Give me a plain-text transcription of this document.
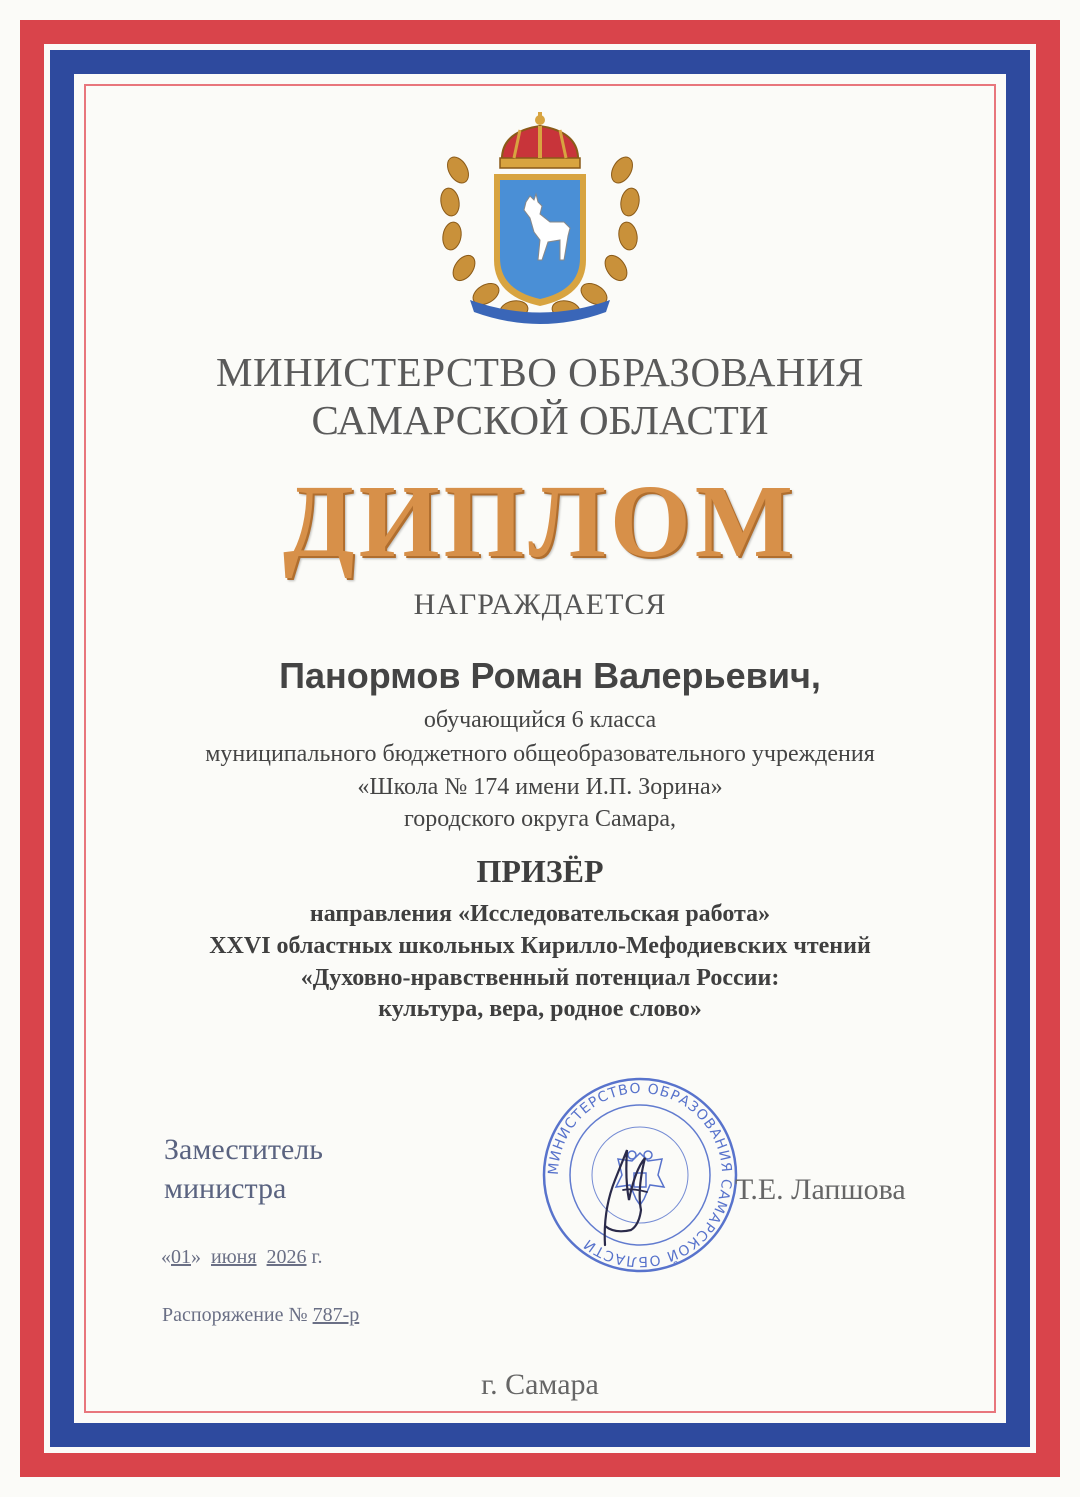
МИНИСТЕРСТВО ОБРАЗОВАНИЯ
САМАРСКОЙ ОБЛАСТИ
ДИПЛОМ
НАГРАЖДАЕТСЯ
Панормов Роман Валерьевич,
обучающийся 6 класса
муниципального бюджетного общеобразовательного учреждения
«Школа № 174 имени И.П. Зорина»
городского округа Самара,
ПРИЗЁР
направления «Исследовательская работа»
XXVI областных школьных Кирилло-Мефодиевских чтений
«Духовно-нравственный потенциал России:
культура, вера, родное слово»
МИНИСТЕРСТВО ОБРАЗОВАНИЯ САМАРСКОЙ ОБЛАСТИ
Заместитель
министра	Т.Е. Лапшова
«01» июня 2026 г.
Распоряжение № 787-р
г. Самара
